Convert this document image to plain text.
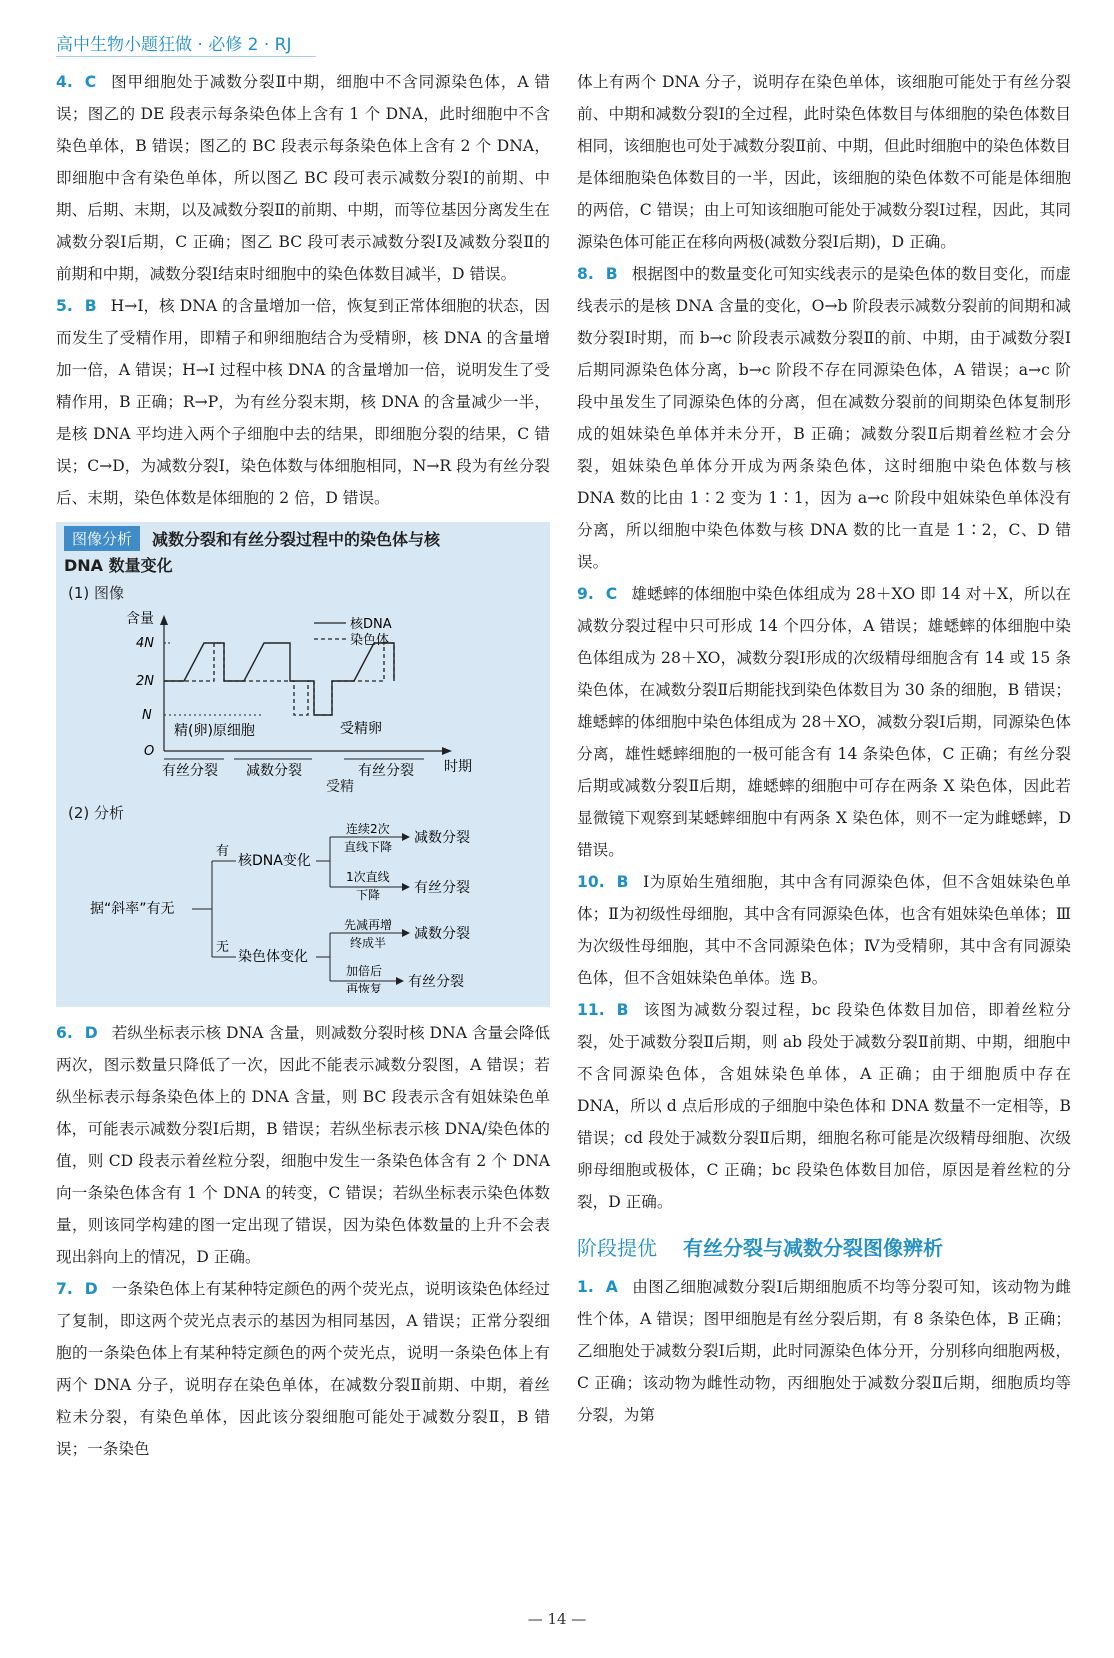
高中生物小题狂做 · 必修 2 · RJ

4. C 图甲细胞处于减数分裂Ⅱ中期，细胞中不含同源染色体，A 错误；图乙的 DE 段表示每条染色体上含有 1 个 DNA，此时细胞中不含染色单体，B 错误；图乙的 BC 段表示每条染色体上含有 2 个 DNA，即细胞中含有染色单体，所以图乙 BC 段可表示减数分裂Ⅰ的前期、中期、后期、末期，以及减数分裂Ⅱ的前期、中期，而等位基因分离发生在减数分裂Ⅰ后期，C 正确；图乙 BC 段可表示减数分裂Ⅰ及减数分裂Ⅱ的前期和中期，减数分裂Ⅰ结束时细胞中的染色体数目减半，D 错误。

5. B H→I，核 DNA 的含量增加一倍，恢复到正常体细胞的状态，因而发生了受精作用，即精子和卵细胞结合为受精卵，核 DNA 的含量增加一倍，A 错误；H→I 过程中核 DNA 的含量增加一倍，说明发生了受精作用，B 正确；R→P，为有丝分裂末期，核 DNA 的含量减少一半，是核 DNA 平均进入两个子细胞中去的结果，即细胞分裂的结果，C 错误；C→D，为减数分裂Ⅰ，染色体数与体细胞相同，N→R 段为有丝分裂后、末期，染色体数是体细胞的 2 倍，D 错误。

图像分析	减数分裂和有丝分裂过程中的染色体与核
DNA 数量变化
(1) 图像
含量
4N
2N
N
O
核DNA
染色体
精(卵)原细胞	受精卵
有丝分裂 减数分裂	有丝分裂 时期
受精
(2) 分析
据“斜率”有无
有
无
核DNA变化
染色体变化
连续2次
直线下降
1次直线
下降
减数分裂
有丝分裂
先减再增
终成半
加倍后
再恢复
减数分裂
有丝分裂

6. D 若纵坐标表示核 DNA 含量，则减数分裂时核 DNA 含量会降低两次，图示数量只降低了一次，因此不能表示减数分裂图，A 错误；若纵坐标表示每条染色体上的 DNA 含量，则 BC 段表示含有姐妹染色单体，可能表示减数分裂Ⅰ后期，B 错误；若纵坐标表示核 DNA/染色体的值，则 CD 段表示着丝粒分裂，细胞中发生一条染色体含有 2 个 DNA 向一条染色体含有 1 个 DNA 的转变，C 错误；若纵坐标表示染色体数量，则该同学构建的图一定出现了错误，因为染色体数量的上升不会表现出斜向上的情况，D 正确。

7. D 一条染色体上有某种特定颜色的两个荧光点，说明该染色体经过了复制，即这两个荧光点表示的基因为相同基因，A 错误；正常分裂细胞的一条染色体上有某种特定颜色的两个荧光点，说明一条染色体上有两个 DNA 分子，说明存在染色单体，在减数分裂Ⅱ前期、中期，着丝粒未分裂，有染色单体，因此该分裂细胞可能处于减数分裂Ⅱ，B 错误；一条染色

体上有两个 DNA 分子，说明存在染色单体，该细胞可能处于有丝分裂前、中期和减数分裂Ⅰ的全过程，此时染色体数目与体细胞的染色体数目相同，该细胞也可处于减数分裂Ⅱ前、中期，但此时细胞中的染色体数目是体细胞染色体数目的一半，因此，该细胞的染色体数不可能是体细胞的两倍，C 错误；由上可知该细胞可能处于减数分裂Ⅰ过程，因此，其同源染色体可能正在移向两极(减数分裂Ⅰ后期)，D 正确。

8. B 根据图中的数量变化可知实线表示的是染色体的数目变化，而虚线表示的是核 DNA 含量的变化，O→b 阶段表示减数分裂前的间期和减数分裂Ⅰ时期，而 b→c 阶段表示减数分裂Ⅱ的前、中期，由于减数分裂Ⅰ后期同源染色体分离，b→c 阶段不存在同源染色体，A 错误；a→c 阶段中虽发生了同源染色体的分离，但在减数分裂前的间期染色体复制形成的姐妹染色单体并未分开，B 正确；减数分裂Ⅱ后期着丝粒才会分裂，姐妹染色单体分开成为两条染色体，这时细胞中染色体数与核 DNA 数的比由 1∶2 变为 1∶1，因为 a→c 阶段中姐妹染色单体没有分离，所以细胞中染色体数与核 DNA 数的比一直是 1∶2，C、D 错误。

9. C 雄蟋蟀的体细胞中染色体组成为 28＋XO 即 14 对＋X，所以在减数分裂过程中只可形成 14 个四分体，A 错误；雄蟋蟀的体细胞中染色体组成为 28＋XO，减数分裂Ⅰ形成的次级精母细胞含有 14 或 15 条染色体，在减数分裂Ⅱ后期能找到染色体数目为 30 条的细胞，B 错误；雄蟋蟀的体细胞中染色体组成为 28＋XO，减数分裂Ⅰ后期，同源染色体分离，雄性蟋蟀细胞的一极可能含有 14 条染色体，C 正确；有丝分裂后期或减数分裂Ⅱ后期，雄蟋蟀的细胞中可存在两条 X 染色体，因此若显微镜下观察到某蟋蟀细胞中有两条 X 染色体，则不一定为雌蟋蟀，D 错误。

10. B Ⅰ为原始生殖细胞，其中含有同源染色体，但不含姐妹染色单体；Ⅱ为初级性母细胞，其中含有同源染色体，也含有姐妹染色单体；Ⅲ为次级性母细胞，其中不含同源染色体；Ⅳ为受精卵，其中含有同源染色体，但不含姐妹染色单体。选 B。

11. B 该图为减数分裂过程，bc 段染色体数目加倍，即着丝粒分裂，处于减数分裂Ⅱ后期，则 ab 段处于减数分裂Ⅱ前期、中期，细胞中不含同源染色体，含姐妹染色单体，A 正确；由于细胞质中存在 DNA，所以 d 点后形成的子细胞中染色体和 DNA 数量不一定相等，B 错误；cd 段处于减数分裂Ⅱ后期，细胞名称可能是次级精母细胞、次级卵母细胞或极体，C 正确；bc 段染色体数目加倍，原因是着丝粒的分裂，D 正确。

阶段提优 有丝分裂与减数分裂图像辨析

1. A 由图乙细胞减数分裂Ⅰ后期细胞质不均等分裂可知，该动物为雌性个体，A 错误；图甲细胞是有丝分裂后期，有 8 条染色体，B 正确；乙细胞处于减数分裂Ⅰ后期，此时同源染色体分开，分别移向细胞两极，C 正确；该动物为雌性动物，丙细胞处于减数分裂Ⅱ后期，细胞质均等分裂，为第

— 14 —
